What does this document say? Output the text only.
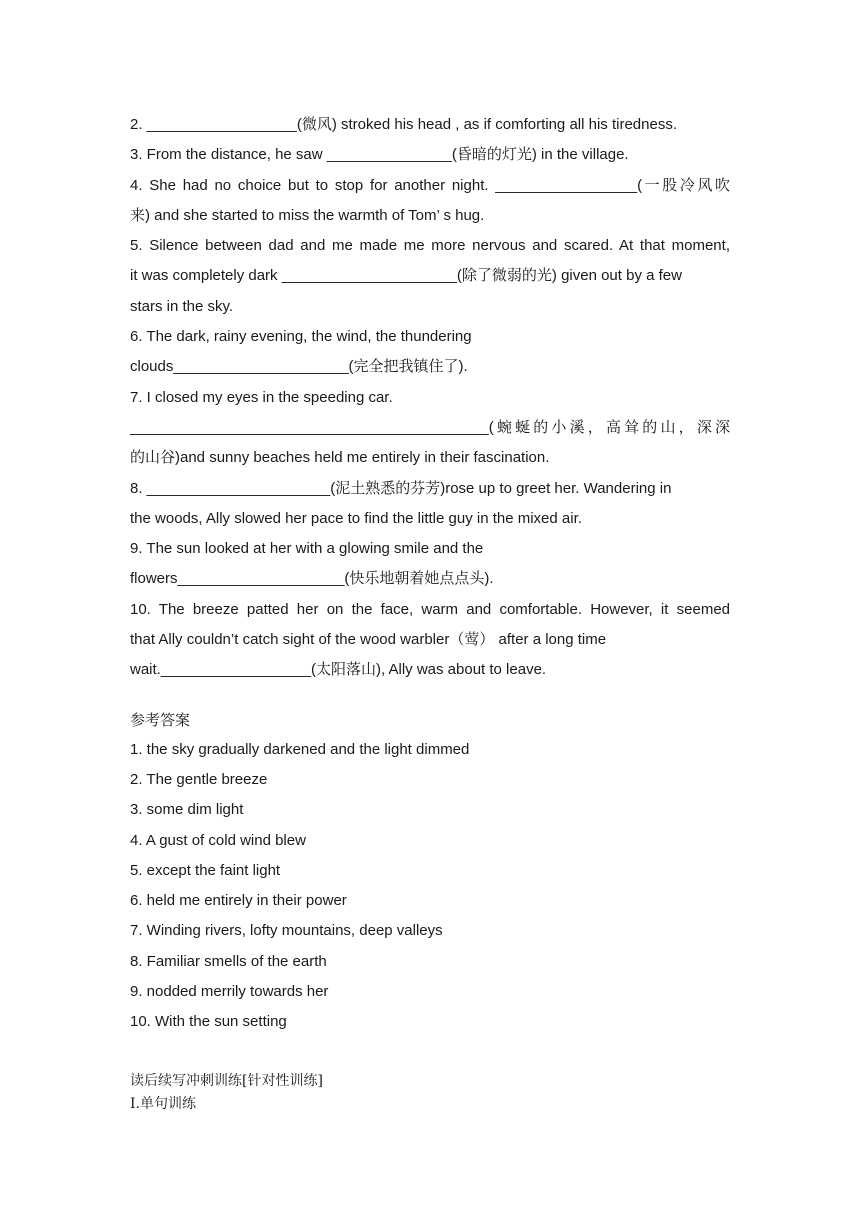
2. __________________(微风) stroked his head , as if comforting all his tiredness.
3. From the distance, he saw _______________(昏暗的灯光) in the village.
4. She had no choice but to stop for another night. _________________(一股冷风吹
来) and she started to miss the warmth of Tom’ s hug.
5. Silence between dad and me made me more nervous and scared. At that moment,
it was completely dark _____________________(除了微弱的光) given out by a few
stars in the sky.
6. The dark, rainy evening, the wind, the thundering
clouds_____________________(完全把我镇住了).
7. I closed my eyes in the speeding car.
___________________________________________(蜿蜒的小溪，高耸的山，深深
的山谷)and sunny beaches held me entirely in their fascination.
8. ______________________(泥土熟悉的芬芳)rose up to greet her. Wandering in
the woods, Ally slowed her pace to find the little guy in the mixed air.
9. The sun looked at her with a glowing smile and the
flowers____________________(快乐地朝着她点点头).
10. The breeze patted her on the face, warm and comfortable. However, it seemed
that Ally couldn’t catch sight of the wood warbler（莺） after a long time
wait.__________________(太阳落山), Ally was about to leave.
参考答案
1. the sky gradually darkened and the light dimmed
2. The gentle breeze
3. some dim light
4. A gust of cold wind blew
5. except the faint light
6. held me entirely in their power
7. Winding rivers, lofty mountains, deep valleys
8. Familiar smells of the earth
9. nodded merrily towards her
10. With the sun setting
读后续写冲刺训练[针对性训练]
Ⅰ.单句训练
